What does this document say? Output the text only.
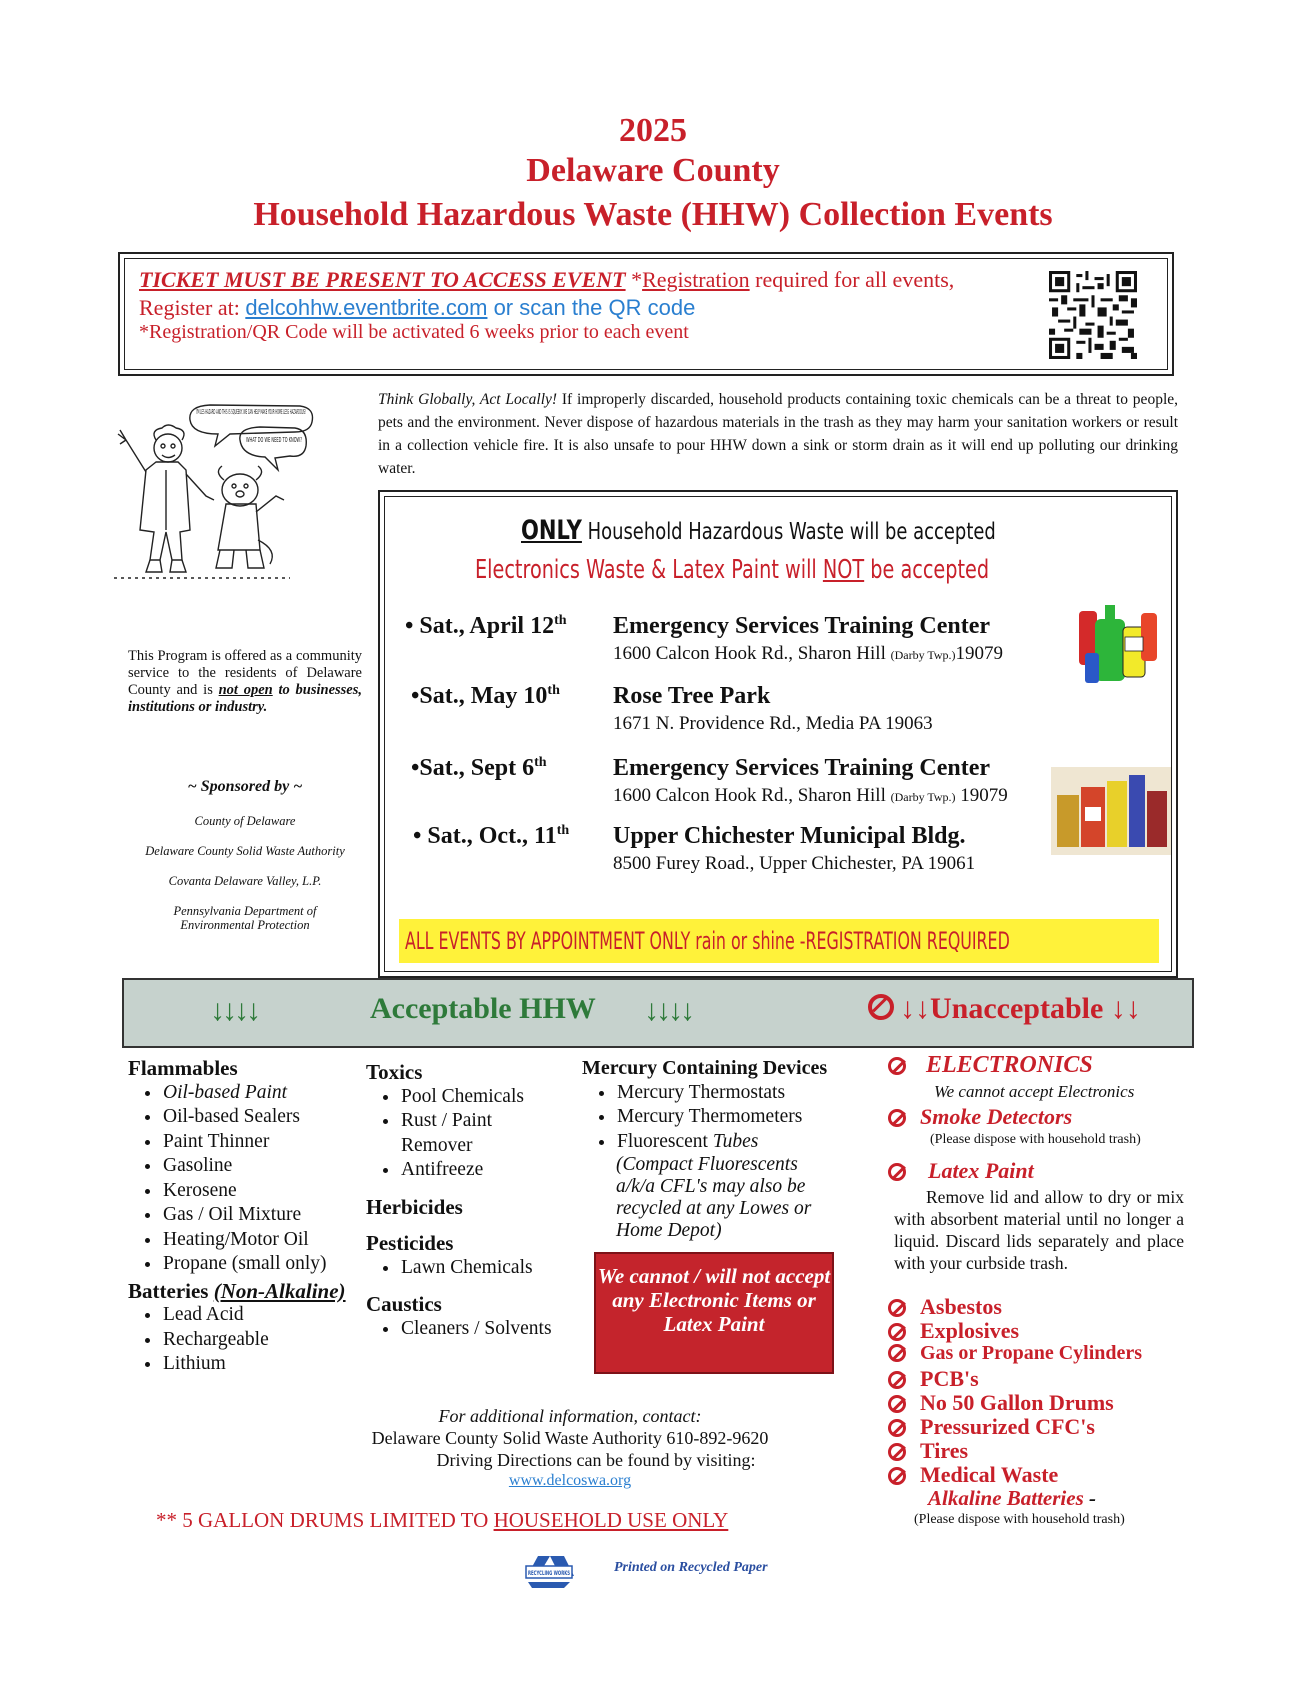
2025
Delaware County
Household Hazardous Waste (HHW) Collection Events
TICKET MUST BE PRESENT TO ACCESS EVENT *Registration required for all events,
Register at: delcohhw.eventbrite.com or scan the QR code
*Registration/QR Code will be activated 6 weeks prior to each event
I'M LES HAZARD AND THIS IS SQUEEKY. WE CAN HELP MAKE YOUR HOME LESS HAZARDOUS!
WHAT DO WE NEED TO KNOW?
This Program is offered as a community service to the residents of Delaware County and is not open to businesses, institutions or industry.
~ Sponsored by ~
County of Delaware
Delaware County Solid Waste Authority
Covanta Delaware Valley, L.P.
Pennsylvania Department of Environmental Protection
Think Globally, Act Locally! If improperly discarded, household products containing toxic chemicals can be a threat to people, pets and the environment. Never dispose of hazardous materials in the trash as they may harm your sanitation workers or result in a collection vehicle fire. It is also unsafe to pour HHW down a sink or storm drain as it will end up polluting our drinking water.
ONLY Household Hazardous Waste will be accepted
Electronics Waste & Latex Paint will NOT be accepted
• Sat., April 12th Emergency Services Training Center
1600 Calcon Hook Rd., Sharon Hill (Darby Twp.)19079
•Sat., May 10th Rose Tree Park
1671 N. Providence Rd., Media PA 19063
•Sat., Sept 6th	Emergency Services Training Center
1600 Calcon Hook Rd., Sharon Hill (Darby Twp.) 19079
• Sat., Oct., 11th Upper Chichester Municipal Bldg.
8500 Furey Road., Upper Chichester, PA 19061
ALL EVENTS BY APPOINTMENT ONLY rain or shine -REGISTRATION REQUIRED
↓↓↓↓	Acceptable HHW ↓↓↓↓	↓↓Unacceptable ↓↓
Flammables
• Oil-based Paint
• Oil-based Sealers
• Paint Thinner
• Gasoline
• Kerosene
• Gas / Oil Mixture
• Heating/Motor Oil
• Propane (small only)
Batteries (Non-Alkaline)
• Lead Acid
• Rechargeable
• Lithium
Toxics
• Pool Chemicals
• Rust / Paint Remover
• Antifreeze
Herbicides
Pesticides
• Lawn Chemicals
Caustics
• Cleaners / Solvents
Mercury Containing Devices
• Mercury Thermostats
• Mercury Thermometers
• Fluorescent Tubes
(Compact Fluorescents a/k/a CFL's may also be recycled at any Lowes or Home Depot)
We cannot / will not accept any Electronic Items or Latex Paint
ELECTRONICS
We cannot accept Electronics
Smoke Detectors
(Please dispose with household trash)
Latex Paint
Remove lid and allow to dry or mix with absorbent material until no longer a liquid. Discard lids separately and place with your curbside trash.
Asbestos
Explosives
Gas or Propane Cylinders
PCB's
No 50 Gallon Drums
Pressurized CFC's
Tires
Medical Waste
Alkaline Batteries -
(Please dispose with household trash)
For additional information, contact:
Delaware County Solid Waste Authority 610-892-9620
Driving Directions can be found by visiting:
www.delcoswa.org
** 5 GALLON DRUMS LIMITED TO HOUSEHOLD USE ONLY
RECYCLING WORKS	Printed on Recycled Paper
